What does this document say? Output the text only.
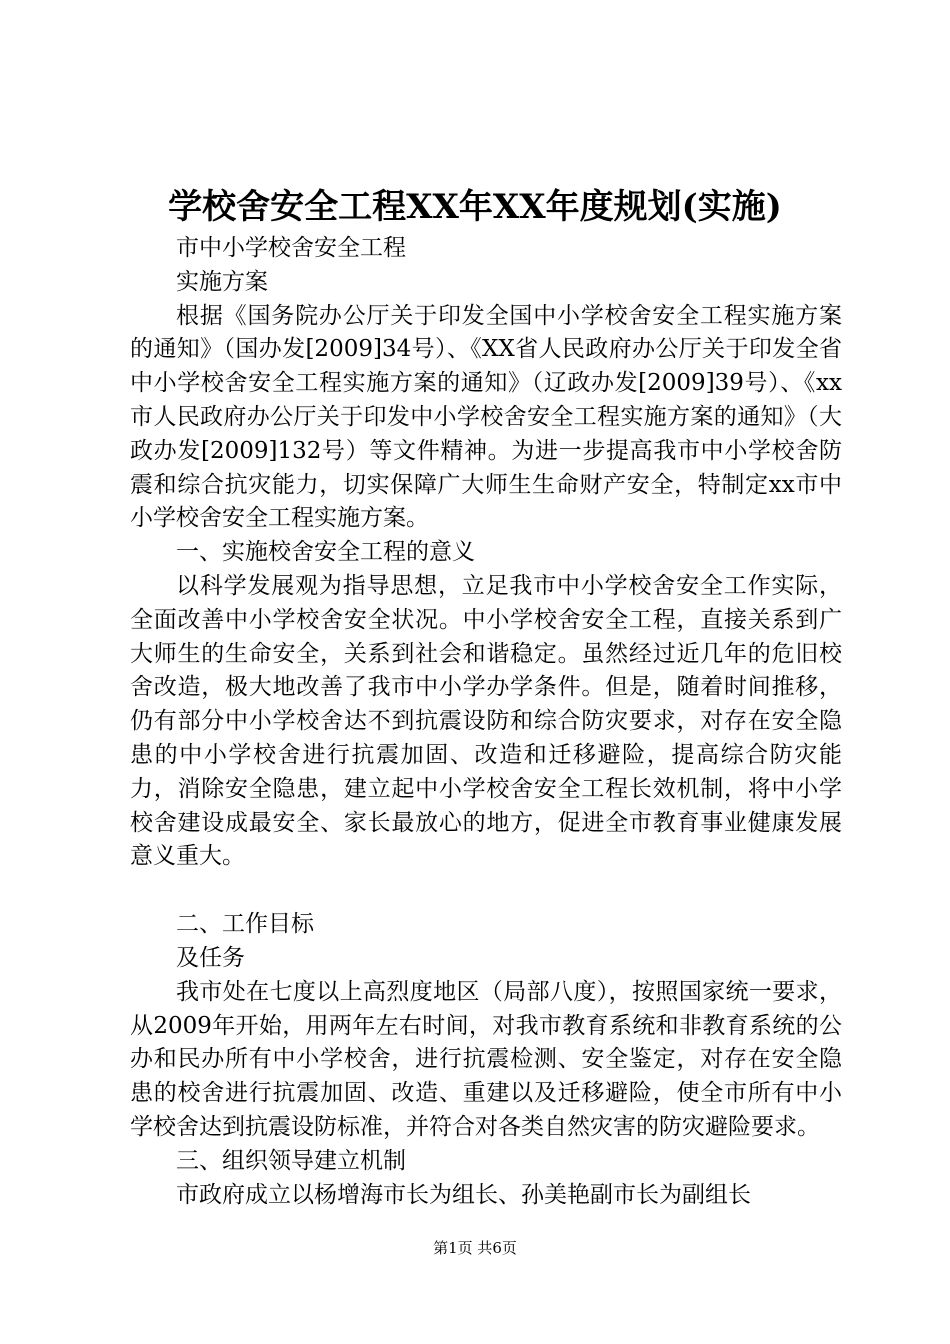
学校舍安全工程XX年XX年度规划(实施)

市中小学校舍安全工程

实施方案

根据《国务院办公厅关于印发全国中小学校舍安全工程实施方案的通知》（国办发[2009]34号）、《XX省人民政府办公厅关于印发全省中小学校舍安全工程实施方案的通知》（辽政办发[2009]39号）、《xx市人民政府办公厅关于印发中小学校舍安全工程实施方案的通知》（大政办发[2009]132号）等文件精神。为进一步提高我市中小学校舍防震和综合抗灾能力，切实保障广大师生生命财产安全，特制定xx市中小学校舍安全工程实施方案。

一、实施校舍安全工程的意义

以科学发展观为指导思想，立足我市中小学校舍安全工作实际，全面改善中小学校舍安全状况。中小学校舍安全工程，直接关系到广大师生的生命安全，关系到社会和谐稳定。虽然经过近几年的危旧校舍改造，极大地改善了我市中小学办学条件。但是，随着时间推移，仍有部分中小学校舍达不到抗震设防和综合防灾要求，对存在安全隐患的中小学校舍进行抗震加固、改造和迁移避险，提高综合防灾能力，消除安全隐患，建立起中小学校舍安全工程长效机制，将中小学校舍建设成最安全、家长最放心的地方，促进全市教育事业健康发展意义重大。

二、工作目标

及任务

我市处在七度以上高烈度地区（局部八度），按照国家统一要求，从2009年开始，用两年左右时间，对我市教育系统和非教育系统的公办和民办所有中小学校舍，进行抗震检测、安全鉴定，对存在安全隐患的校舍进行抗震加固、改造、重建以及迁移避险，使全市所有中小学校舍达到抗震设防标准，并符合对各类自然灾害的防灾避险要求。

三、组织领导建立机制

市政府成立以杨增海市长为组长、孙美艳副市长为副组长

第1页 共6页
